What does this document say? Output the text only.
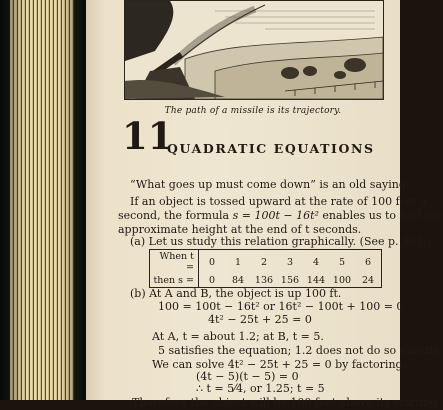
The path of a missile is its trajectory.
11
QUADRATIC EQUATIONS
“What goes up must come down” is an old saying.
If an object is tossed upward at the rate of 100 feet a
second, the formula s = 100t − 16t² enables us to find the
approximate height at the end of t seconds.
(a) Let us study this relation graphically. (See p. 301.)
When t =	0	1	2	3	4	5	6
then s =	0	84	136	156	144	100	24
(b) At A and B, the object is up 100 ft.
100 = 100t − 16t² or 16t² − 100t + 100 = 0
4t² − 25t + 25 = 0
At A, t = about 1.2; at B, t = 5.
5 satisfies the equation; 1.2 does not do so exactly.
We can solve 4t² − 25t + 25 = 0 by factoring.
(4t − 5)(t − 5) = 0
∴ t = 5⁄4, or 1.25; t = 5
Therefore the object will be 100 feet above its starting
